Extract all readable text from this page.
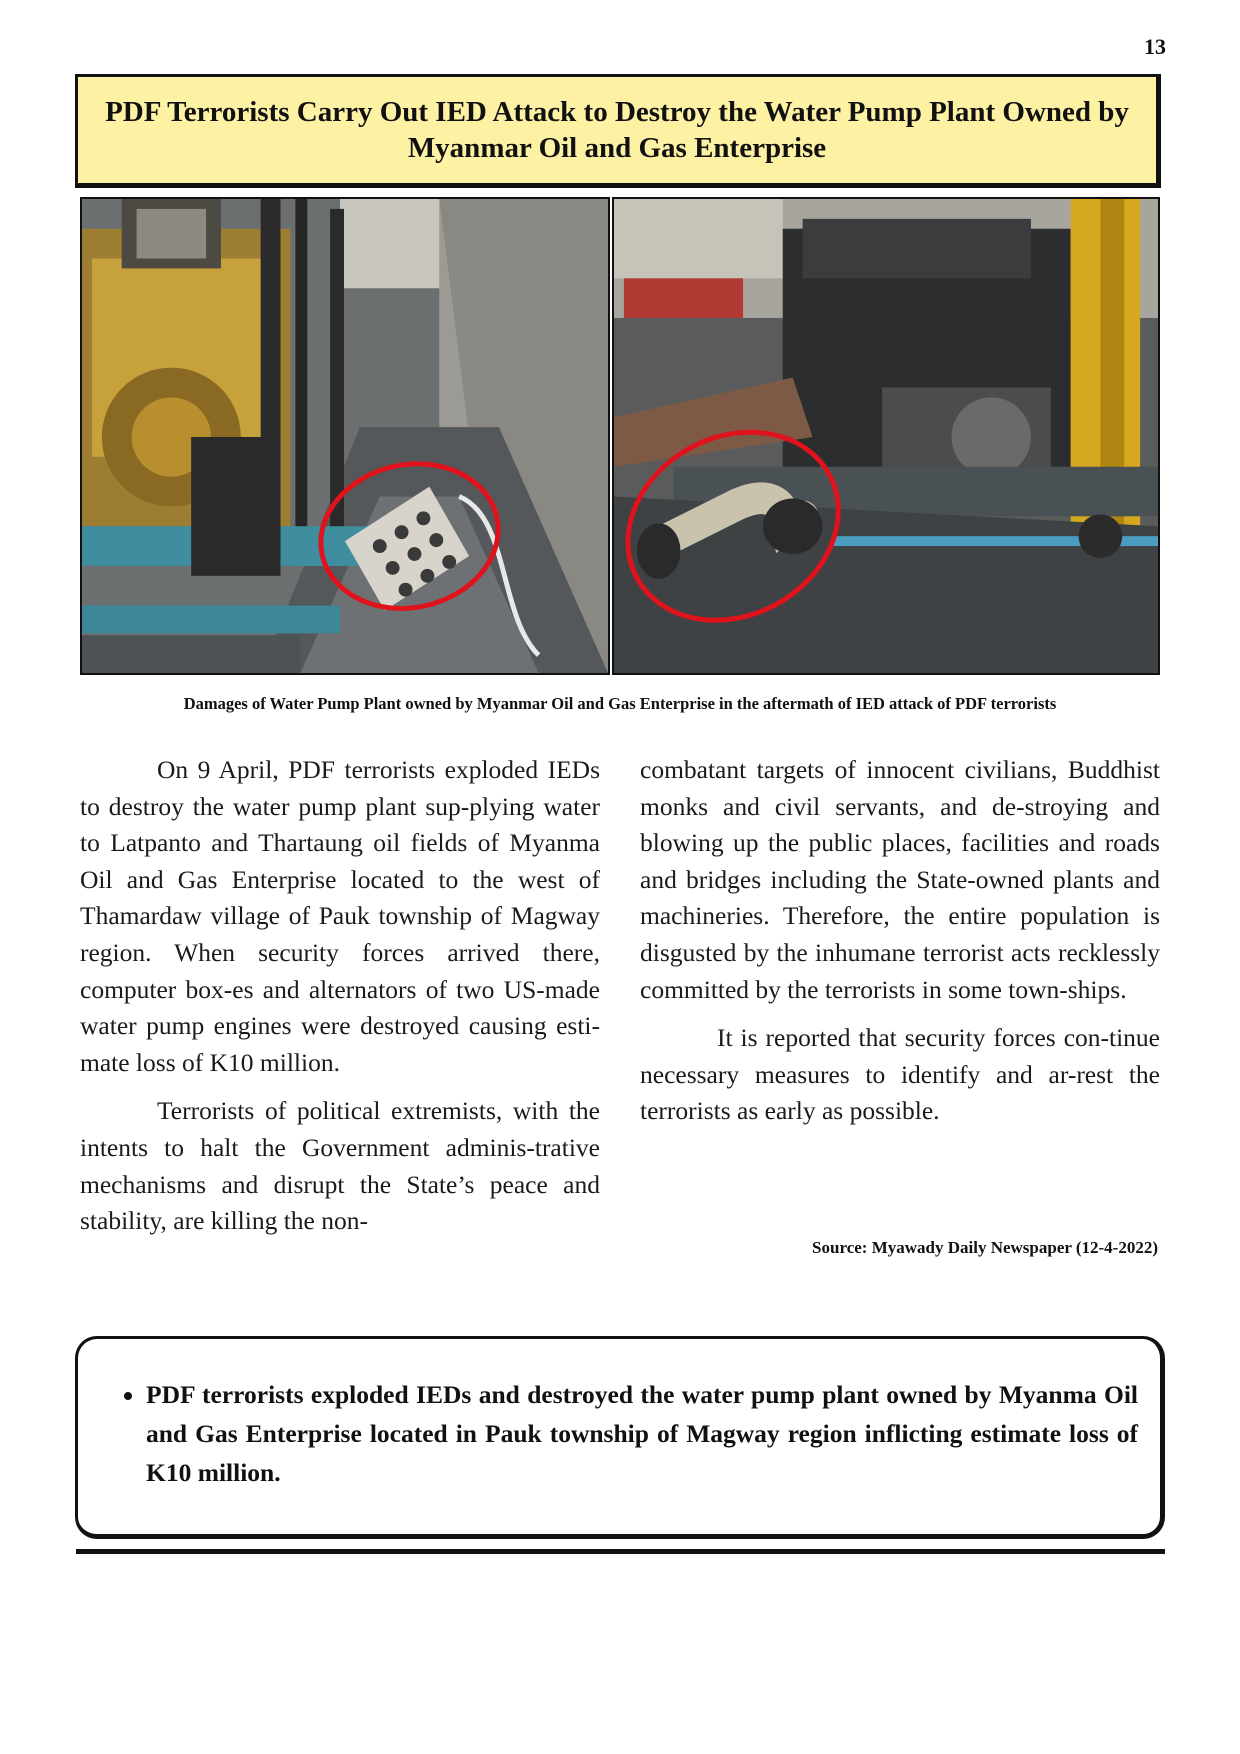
13
PDF Terrorists Carry Out IED Attack to Destroy the Water Pump Plant Owned by Myanmar Oil and Gas Enterprise
Damages of Water Pump Plant owned by Myanmar Oil and Gas Enterprise in the aftermath of IED attack of PDF terrorists

On 9 April, PDF terrorists exploded IEDs to destroy the water pump plant sup-plying water to Latpanto and Thartaung oil fields of Myanma Oil and Gas Enterprise located to the west of Thamardaw village of Pauk township of Magway region. When security forces arrived there, computer box-es and alternators of two US-made water pump engines were destroyed causing esti-mate loss of K10 million.

Terrorists of political extremists, with the intents to halt the Government adminis-trative mechanisms and disrupt the State’s peace and stability, are killing the non-

combatant targets of innocent civilians, Buddhist monks and civil servants, and de-stroying and blowing up the public places, facilities and roads and bridges including the State-owned plants and machineries. Therefore, the entire population is disgusted by the inhumane terrorist acts recklessly committed by the terrorists in some town-ships.

It is reported that security forces con-tinue necessary measures to identify and ar-rest the terrorists as early as possible.

Source: Myawady Daily Newspaper (12-4-2022)
• PDF terrorists exploded IEDs and destroyed the water pump plant owned by Myanma Oil and Gas Enterprise located in Pauk township of Magway region inflicting estimate loss of K10 million.
